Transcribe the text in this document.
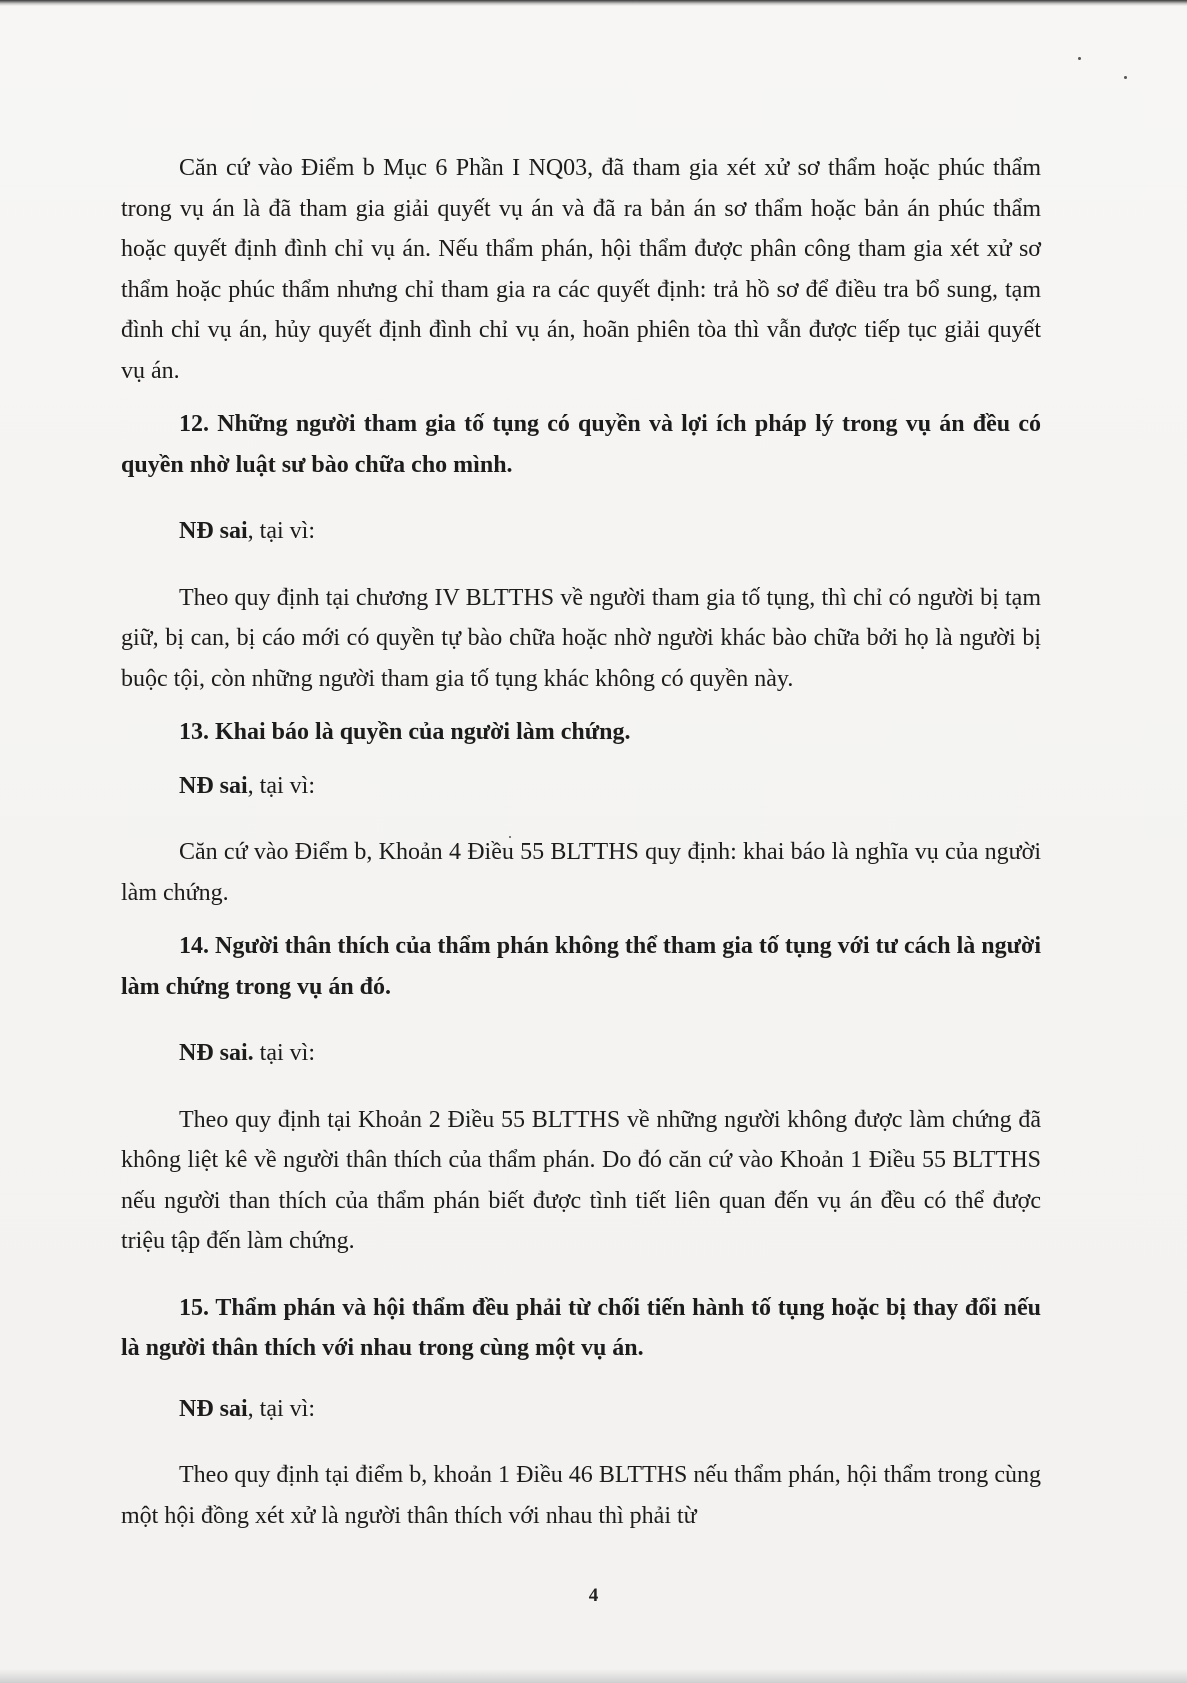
Căn cứ vào Điểm b Mục 6 Phần I NQ03, đã tham gia xét xử sơ thẩm hoặc phúc thẩm trong vụ án là đã tham gia giải quyết vụ án và đã ra bản án sơ thẩm hoặc bản án phúc thẩm hoặc quyết định đình chỉ vụ án. Nếu thẩm phán, hội thẩm được phân công tham gia xét xử sơ thẩm hoặc phúc thẩm nhưng chỉ tham gia ra các quyết định: trả hồ sơ để điều tra bổ sung, tạm đình chỉ vụ án, hủy quyết định đình chỉ vụ án, hoãn phiên tòa thì vẫn được tiếp tục giải quyết vụ án.

12. Những người tham gia tố tụng có quyền và lợi ích pháp lý trong vụ án đều có quyền nhờ luật sư bào chữa cho mình.

NĐ sai, tại vì:

Theo quy định tại chương IV BLTTHS về người tham gia tố tụng, thì chỉ có người bị tạm giữ, bị can, bị cáo mới có quyền tự bào chữa hoặc nhờ người khác bào chữa bởi họ là người bị buộc tội, còn những người tham gia tố tụng khác không có quyền này.

13. Khai báo là quyền của người làm chứng.

NĐ sai, tại vì:

Căn cứ vào Điểm b, Khoản 4 Điều 55 BLTTHS quy định: khai báo là nghĩa vụ của người làm chứng.

14. Người thân thích của thẩm phán không thể tham gia tố tụng với tư cách là người làm chứng trong vụ án đó.

NĐ sai. tại vì:

Theo quy định tại Khoản 2 Điều 55 BLTTHS về những người không được làm chứng đã không liệt kê về người thân thích của thẩm phán. Do đó căn cứ vào Khoản 1 Điều 55 BLTTHS nếu người than thích của thẩm phán biết được tình tiết liên quan đến vụ án đều có thể được triệu tập đến làm chứng.

15. Thẩm phán và hội thẩm đều phải từ chối tiến hành tố tụng hoặc bị thay đổi nếu là người thân thích với nhau trong cùng một vụ án.

NĐ sai, tại vì:

Theo quy định tại điểm b, khoản 1 Điều 46 BLTTHS nếu thẩm phán, hội thẩm trong cùng một hội đồng xét xử là người thân thích với nhau thì phải từ

4
